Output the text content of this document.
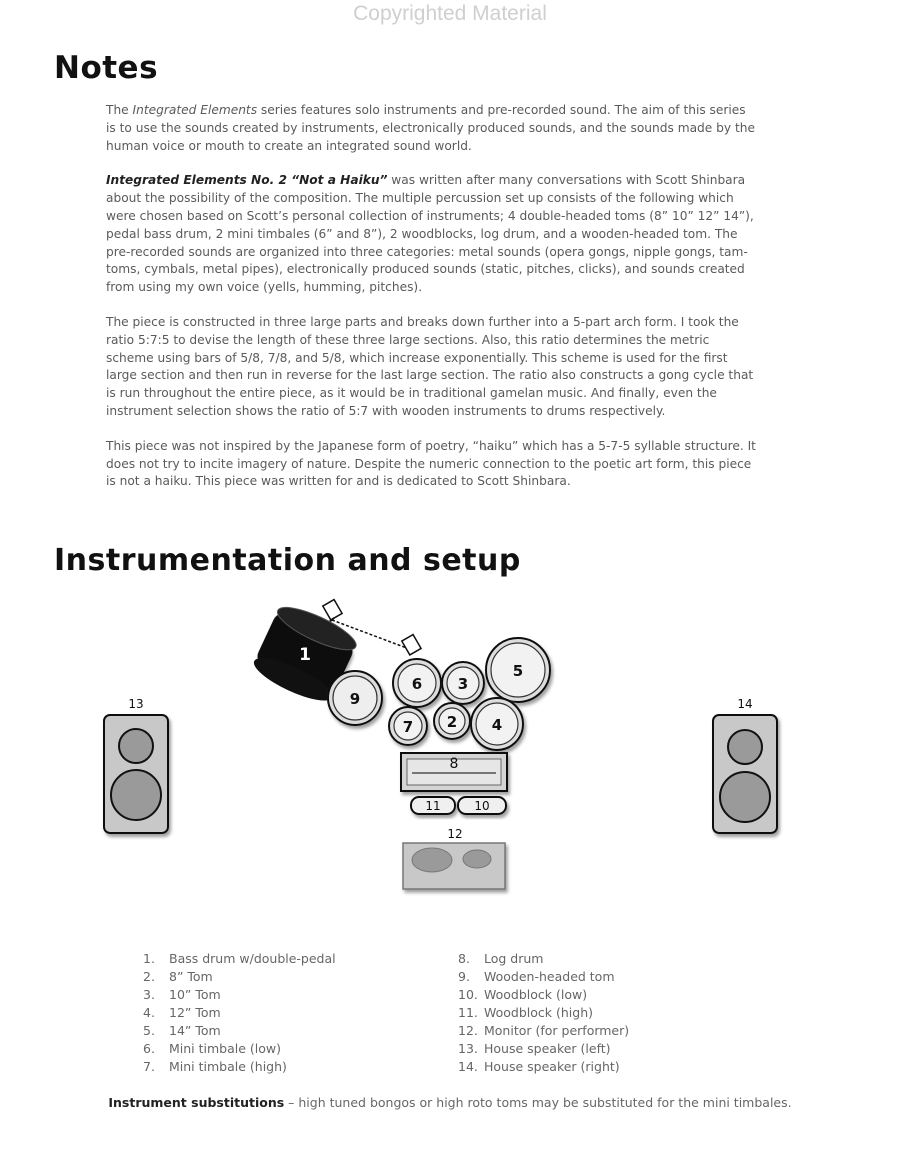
Copyrighted Material
Notes

The Integrated Elements series features solo instruments and pre-recorded sound. The aim of this series is to use the sounds created by instruments, electronically produced sounds, and the sounds made by the human voice or mouth to create an integrated sound world.

Integrated Elements No. 2 “Not a Haiku” was written after many conversations with Scott Shinbara about the possibility of the composition. The multiple percussion set up consists of the following which were chosen based on Scott’s personal collection of instruments; 4 double-headed toms (8” 10” 12” 14”), pedal bass drum, 2 mini timbales (6” and 8”), 2 woodblocks, log drum, and a wooden-headed tom. The pre-recorded sounds are organized into three categories: metal sounds (opera gongs, nipple gongs, tam-toms, cymbals, metal pipes), electronically produced sounds (static, pitches, clicks), and sounds created from using my own voice (yells, humming, pitches).

The piece is constructed in three large parts and breaks down further into a 5-part arch form. I took the ratio 5:7:5 to devise the length of these three large sections. Also, this ratio determines the metric scheme using bars of 5/8, 7/8, and 5/8, which increase exponentially. This scheme is used for the first large section and then run in reverse for the last large section. The ratio also constructs a gong cycle that is run throughout the entire piece, as it would be in traditional gamelan music. And finally, even the instrument selection shows the ratio of 5:7 with wooden instruments to drums respectively.

This piece was not inspired by the Japanese form of poetry, “haiku” which has a 5-7-5 syllable structure. It does not try to incite imagery of nature. Despite the numeric connection to the poetic art form, this piece is not a haiku. This piece was written for and is dedicated to Scott Shinbara.

Instrumentation and setup
13	14
1
9
6 3
5
7 2 4
8
11	10
12
1. Bass drum w/double-pedal
2. 8” Tom
3. 10” Tom
4. 12” Tom
5. 14” Tom
6. Mini timbale (low)
7. Mini timbale (high)
8. Log drum
9. Wooden-headed tom
10. Woodblock (low)
11. Woodblock (high)
12. Monitor (for performer)
13. House speaker (left)
14. House speaker (right)
Instrument substitutions – high tuned bongos or high roto toms may be substituted for the mini timbales.
